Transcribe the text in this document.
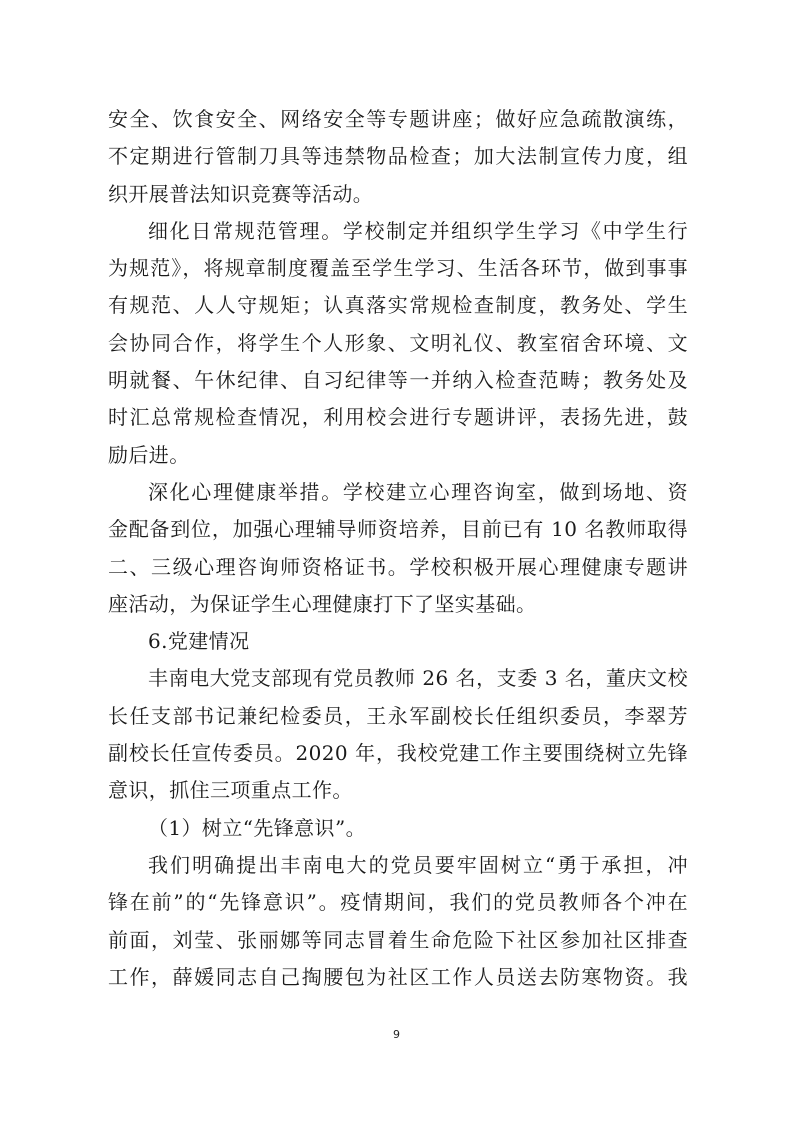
安全、饮食安全、网络安全等专题讲座；做好应急疏散演练，
不定期进行管制刀具等违禁物品检查；加大法制宣传力度，组
织开展普法知识竞赛等活动。
细化日常规范管理。学校制定并组织学生学习《中学生行
为规范》，将规章制度覆盖至学生学习、生活各环节，做到事事
有规范、人人守规矩；认真落实常规检查制度，教务处、学生
会协同合作，将学生个人形象、文明礼仪、教室宿舍环境、文
明就餐、午休纪律、自习纪律等一并纳入检查范畴；教务处及
时汇总常规检查情况，利用校会进行专题讲评，表扬先进，鼓
励后进。
深化心理健康举措。学校建立心理咨询室，做到场地、资
金配备到位，加强心理辅导师资培养，目前已有 10 名教师取得
二、三级心理咨询师资格证书。学校积极开展心理健康专题讲
座活动，为保证学生心理健康打下了坚实基础。
6.党建情况
丰南电大党支部现有党员教师 26 名，支委 3 名，董庆文校
长任支部书记兼纪检委员，王永军副校长任组织委员，李翠芳
副校长任宣传委员。2020 年，我校党建工作主要围绕树立先锋
意识，抓住三项重点工作。
（1）树立“先锋意识”。
我们明确提出丰南电大的党员要牢固树立“勇于承担，冲
锋在前”的“先锋意识”。疫情期间，我们的党员教师各个冲在
前面，刘莹、张丽娜等同志冒着生命危险下社区参加社区排查
工作，薛媛同志自己掏腰包为社区工作人员送去防寒物资。我
9
